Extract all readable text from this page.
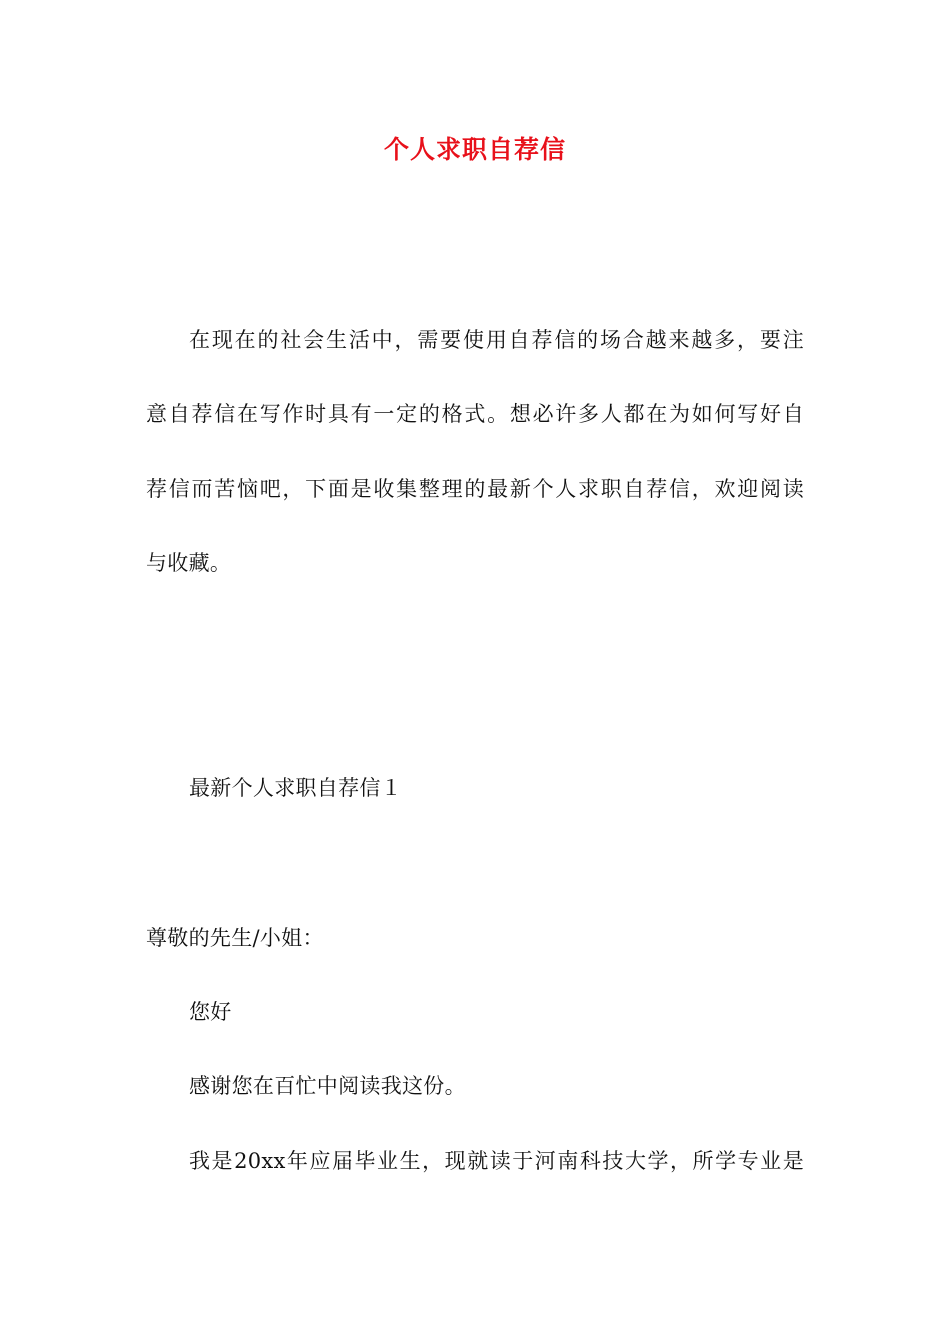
个人求职自荐信
在现在的社会生活中，需要使用自荐信的场合越来越多，要注
意自荐信在写作时具有一定的格式。想必许多人都在为如何写好自
荐信而苦恼吧，下面是收集整理的最新个人求职自荐信，欢迎阅读
与收藏。
最新个人求职自荐信１
尊敬的先生/小姐：
您好
感谢您在百忙中阅读我这份。
我是20xx年应届毕业生，现就读于河南科技大学，所学专业是
